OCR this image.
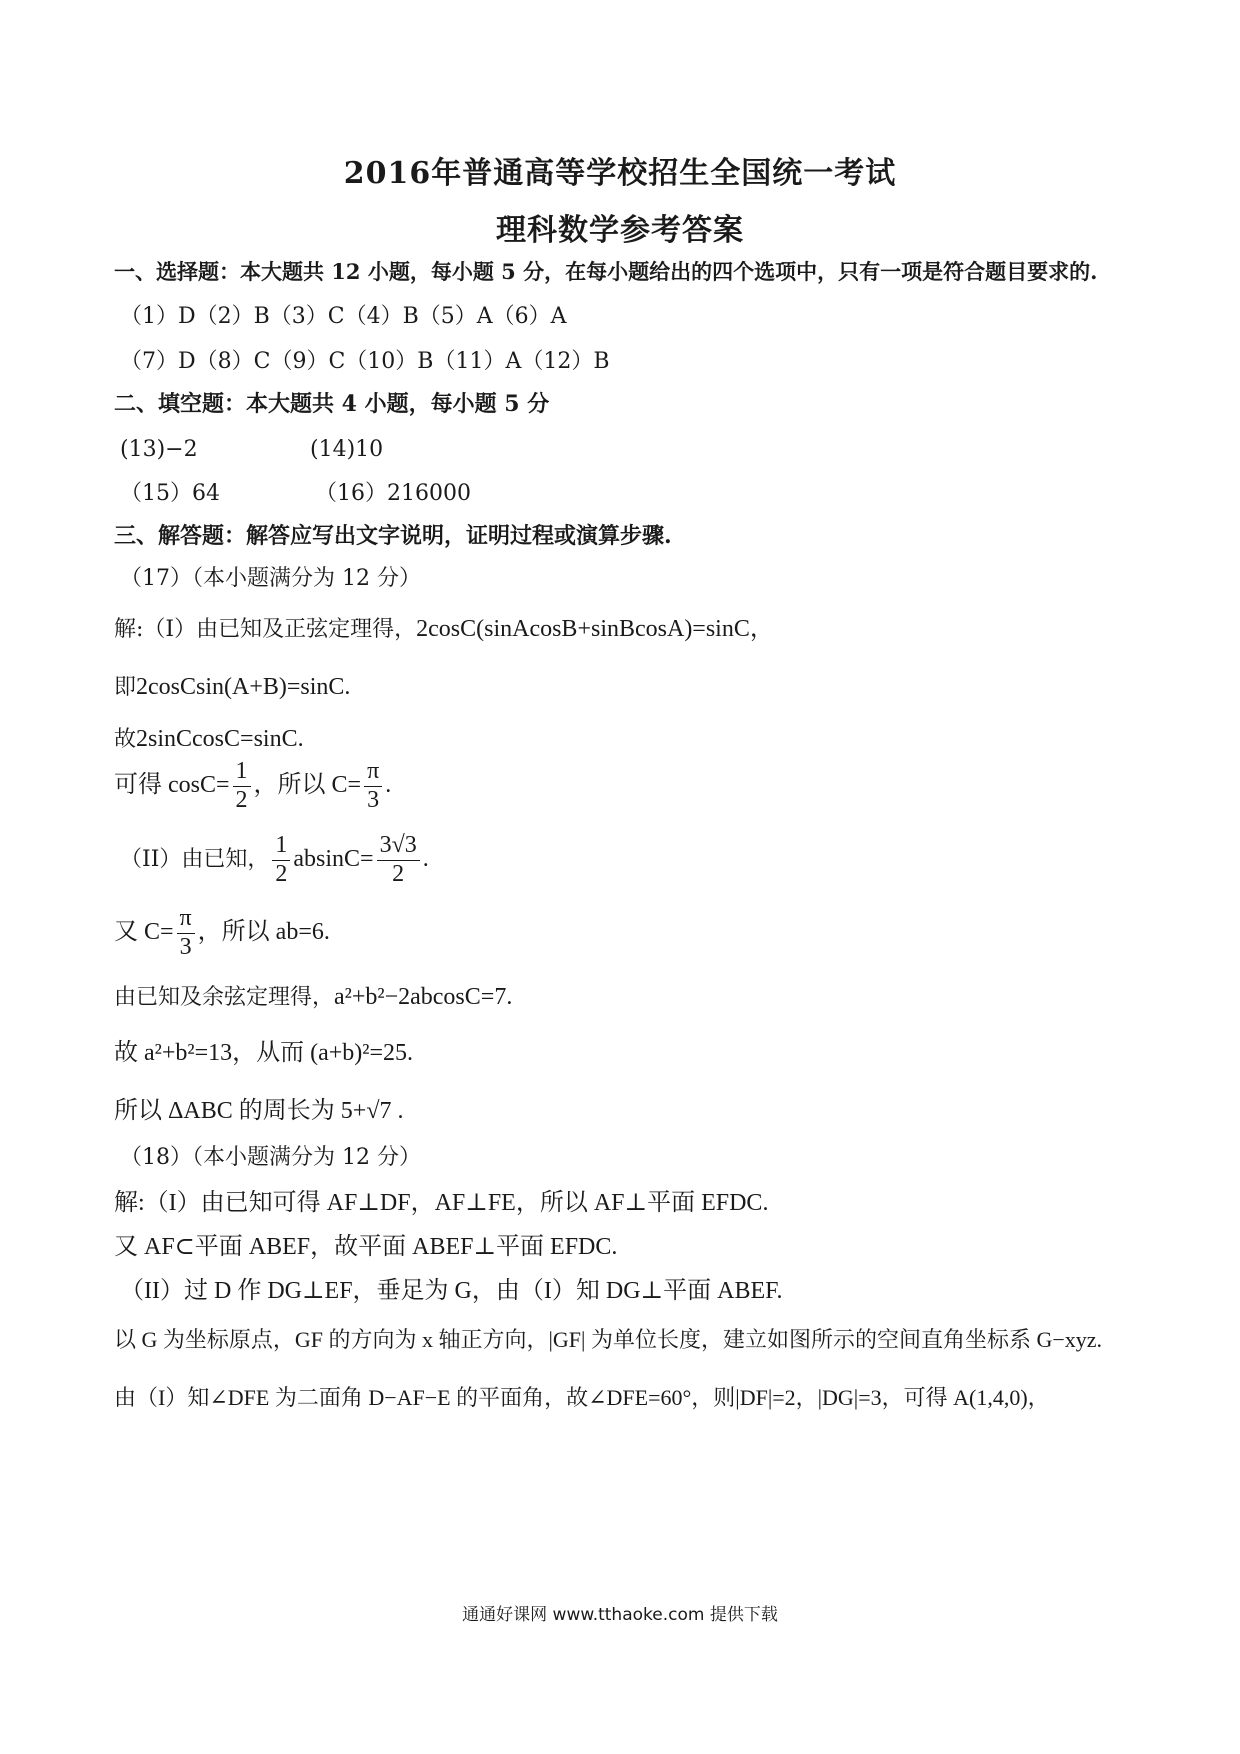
2016年普通高等学校招生全国统一考试
理科数学参考答案
一、选择题：本大题共 12 小题，每小题 5 分，在每小题给出的四个选项中，只有一项是符合题目要求的.
（1）D（2）B（3）C（4）B（5）A（6）A
（7）D（8）C（9）C（10）B（11）A（12）B
二、填空题：本大题共 4 小题，每小题 5 分
(13)−2	(14)10
（15）64	（16）216000
三、解答题：解答应写出文字说明，证明过程或演算步骤.
（17）（本小题满分为 12 分）
解:（I）由已知及正弦定理得，2cosC(sinAcosB+sinBcosA)=sinC，
即2cosCsin(A+B)=sinC.
故2sinCcosC=sinC.
可得 $\cos C= \frac{1}{2}$ ，所以 $C= \frac{\pi}{3}$ .
（II）由已知， $\frac{1}{2} absinC= \frac{3√3}{2}$ .
又 $C= \frac{\pi}{3}$ ，所以 ab=6.
由已知及余弦定理得，a²+b²−2abcosC=7.
故 a²+b²=13，从而 (a+b)²=25.
所以 ΔABC 的周长为 5+√7 .
（18）（本小题满分为 12 分）
解:（I）由已知可得 AF⊥DF，AF⊥FE，所以 AF⊥平面 EFDC.
又 AF⊂平面 ABEF，故平面 ABEF⊥平面 EFDC.
（II）过 D 作 DG⊥EF，垂足为 G，由（I）知 DG⊥平面 ABEF.
以 G 为坐标原点，GF 的方向为 x 轴正方向，|GF| 为单位长度，建立如图所示的空间直角坐标系 G−xyz.
由（I）知∠DFE 为二面角 D−AF−E 的平面角，故∠DFE=60°，则|DF|=2，|DG|=3，可得 A(1,4,0)，
通通好课网 www.tthaoke.com 提供下载
